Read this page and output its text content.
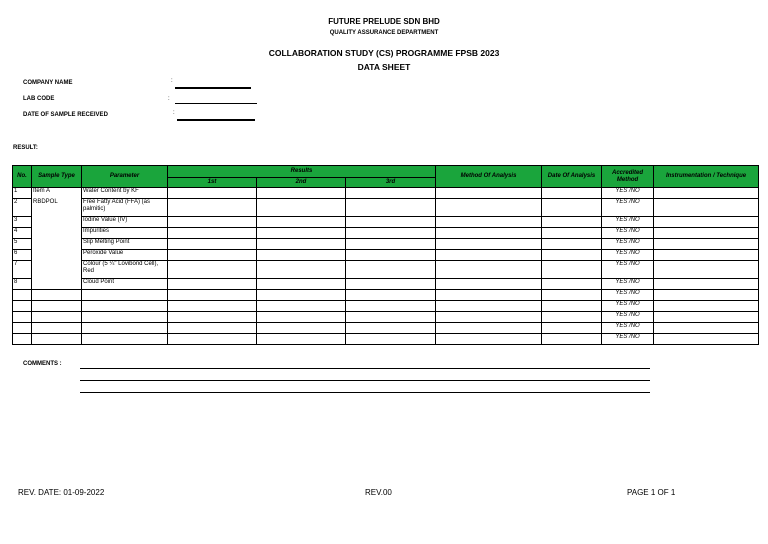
FUTURE PRELUDE SDN BHD
QUALITY ASSURANCE DEPARTMENT
COLLABORATION STUDY (CS) PROGRAMME FPSB 2023
DATA SHEET
COMPANY NAME	:
LAB CODE	:
DATE OF SAMPLE RECEIVED	:
RESULT:
No.	Sample Type	Parameter	Results			Method Of Analysis	Date Of Analysis	Accredited Method	Instrumentation / Technique
			1st	2nd	3rd				
1	Item A	Water Content by KF						YES /NO	
2	RBDPOL	Free Fatty Acid (FFA) (as palmitic)						YES /NO	
3		Iodine Value (IV)						YES /NO	
4		Impurities						YES /NO	
5		Slip Melting Point						YES /NO	
6		Peroxide Value						YES /NO	
7		Colour (5 ¼" Lovibond Cell), Red						YES /NO	
8		Cloud Point						YES /NO	
								YES /NO	
								YES /NO	
								YES /NO	
								YES /NO	
								YES /NO	
COMMENTS :
REV. DATE: 01-09-2022	REV.00	PAGE 1 OF 1
